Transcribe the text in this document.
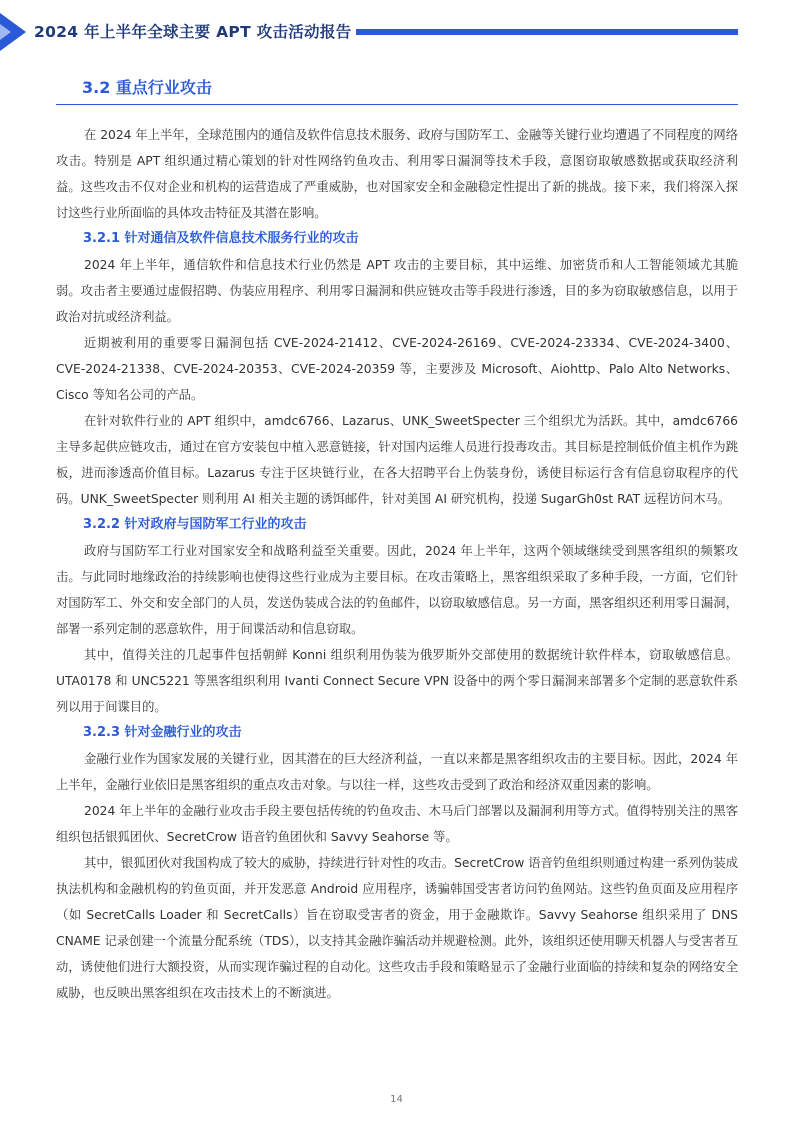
2024 年上半年全球主要 APT 攻击活动报告
3.2 重点行业攻击

在 2024 年上半年，全球范围内的通信及软件信息技术服务、政府与国防军工、金融等关键行业均遭遇了不同程度的网络攻击。特别是 APT 组织通过精心策划的针对性网络钓鱼攻击、利用零日漏洞等技术手段，意图窃取敏感数据或获取经济利益。这些攻击不仅对企业和机构的运营造成了严重威胁，也对国家安全和金融稳定性提出了新的挑战。接下来，我们将深入探讨这些行业所面临的具体攻击特征及其潜在影响。

3.2.1 针对通信及软件信息技术服务行业的攻击

2024 年上半年，通信软件和信息技术行业仍然是 APT 攻击的主要目标，其中运维、加密货币和人工智能领域尤其脆弱。攻击者主要通过虚假招聘、伪装应用程序、利用零日漏洞和供应链攻击等手段进行渗透，目的多为窃取敏感信息，以用于政治对抗或经济利益。

近期被利用的重要零日漏洞包括 CVE-2024-21412、CVE-2024-26169、CVE-2024-23334、CVE-2024-3400、CVE-2024-21338、CVE-2024-20353、CVE-2024-20359 等，主要涉及 Microsoft、Aiohttp、Palo Alto Networks、Cisco 等知名公司的产品。

在针对软件行业的 APT 组织中，amdc6766、Lazarus、UNK_SweetSpecter 三个组织尤为活跃。其中，amdc6766 主导多起供应链攻击，通过在官方安装包中植入恶意链接，针对国内运维人员进行投毒攻击。其目标是控制低价值主机作为跳板，进而渗透高价值目标。Lazarus 专注于区块链行业，在各大招聘平台上伪装身份，诱使目标运行含有信息窃取程序的代码。UNK_SweetSpecter 则利用 AI 相关主题的诱饵邮件，针对美国 AI 研究机构，投递 SugarGh0st RAT 远程访问木马。

3.2.2 针对政府与国防军工行业的攻击

政府与国防军工行业对国家安全和战略利益至关重要。因此，2024 年上半年，这两个领域继续受到黑客组织的频繁攻击。与此同时地缘政治的持续影响也使得这些行业成为主要目标。在攻击策略上，黑客组织采取了多种手段，一方面，它们针对国防军工、外交和安全部门的人员，发送伪装成合法的钓鱼邮件，以窃取敏感信息。另一方面，黑客组织还利用零日漏洞，部署一系列定制的恶意软件，用于间谍活动和信息窃取。

其中，值得关注的几起事件包括朝鲜 Konni 组织利用伪装为俄罗斯外交部使用的数据统计软件样本，窃取敏感信息。UTA0178 和 UNC5221 等黑客组织利用 Ivanti Connect Secure VPN 设备中的两个零日漏洞来部署多个定制的恶意软件系列以用于间谍目的。

3.2.3 针对金融行业的攻击

金融行业作为国家发展的关键行业，因其潜在的巨大经济利益，一直以来都是黑客组织攻击的主要目标。因此，2024 年上半年，金融行业依旧是黑客组织的重点攻击对象。与以往一样，这些攻击受到了政治和经济双重因素的影响。

2024 年上半年的金融行业攻击手段主要包括传统的钓鱼攻击、木马后门部署以及漏洞利用等方式。值得特别关注的黑客组织包括银狐团伙、SecretCrow 语音钓鱼团伙和 Savvy Seahorse 等。

其中，银狐团伙对我国构成了较大的威胁，持续进行针对性的攻击。SecretCrow 语音钓鱼组织则通过构建一系列伪装成执法机构和金融机构的钓鱼页面，并开发恶意 Android 应用程序，诱骗韩国受害者访问钓鱼网站。这些钓鱼页面及应用程序（如 SecretCalls Loader 和 SecretCalls）旨在窃取受害者的资金，用于金融欺诈。Savvy Seahorse 组织采用了 DNS CNAME 记录创建一个流量分配系统（TDS），以支持其金融诈骗活动并规避检测。此外，该组织还使用聊天机器人与受害者互动，诱使他们进行大额投资，从而实现诈骗过程的自动化。这些攻击手段和策略显示了金融行业面临的持续和复杂的网络安全威胁，也反映出黑客组织在攻击技术上的不断演进。

14
